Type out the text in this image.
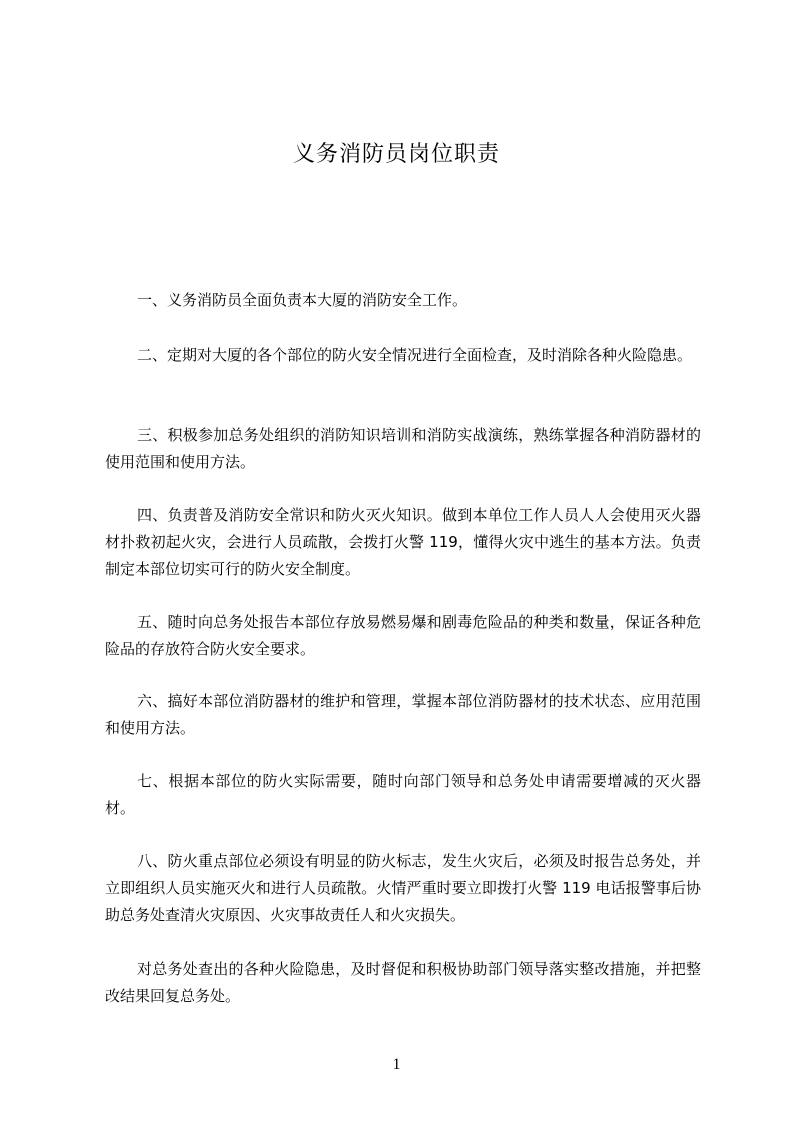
义务消防员岗位职责

一、义务消防员全面负责本大厦的消防安全工作。

二、定期对大厦的各个部位的防火安全情况进行全面检查，及时消除各种火险隐患。

三、积极参加总务处组织的消防知识培训和消防实战演练，熟练掌握各种消防器材的使用范围和使用方法。

四、负责普及消防安全常识和防火灭火知识。做到本单位工作人员人人会使用灭火器材扑救初起火灾，会进行人员疏散，会拨打火警 119，懂得火灾中逃生的基本方法。负责制定本部位切实可行的防火安全制度。

五、随时向总务处报告本部位存放易燃易爆和剧毒危险品的种类和数量，保证各种危险品的存放符合防火安全要求。

六、搞好本部位消防器材的维护和管理，掌握本部位消防器材的技术状态、应用范围和使用方法。

七、根据本部位的防火实际需要，随时向部门领导和总务处申请需要增减的灭火器材。

八、防火重点部位必须设有明显的防火标志，发生火灾后，必须及时报告总务处，并立即组织人员实施灭火和进行人员疏散。火情严重时要立即拨打火警 119 电话报警事后协助总务处查清火灾原因、火灾事故责任人和火灾损失。

对总务处查出的各种火险隐患，及时督促和积极协助部门领导落实整改措施，并把整改结果回复总务处。

1
